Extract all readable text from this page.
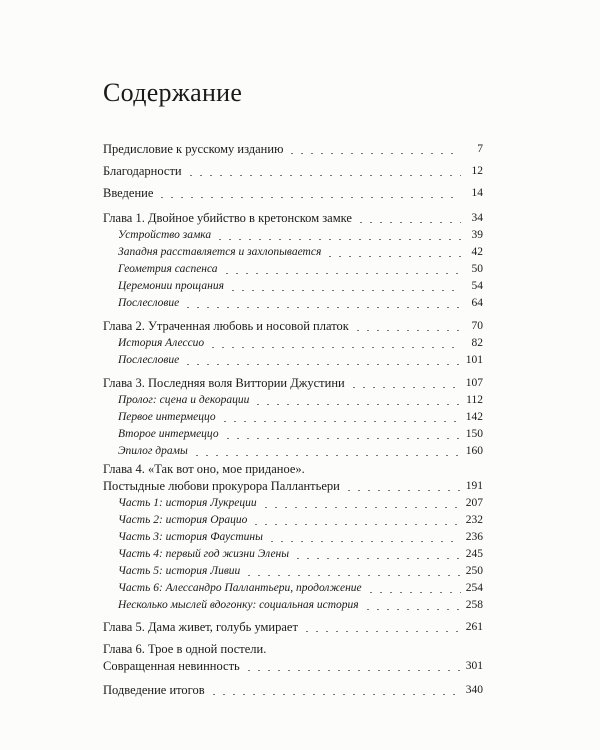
Содержание
Предисловие к русскому изданию	7
Благодарности	12
Введение	14
Глава 1. Двойное убийство в кретонском замке	34
Устройство замка	39
Западня расставляется и захлопывается	42
Геометрия саспенса	50
Церемонии прощания	54
Послесловие	64
Глава 2. Утраченная любовь и носовой платок	70
История Алессио	82
Послесловие	101
Глава 3. Последняя воля Виттории Джустини	107
Пролог: сцена и декорации	112
Первое интермеццо	142
Второе интермеццо	150
Эпилог драмы	160
Глава 4. «Так вот оно, мое приданое».
Постыдные любови прокурора Паллантьери	191
Часть 1: история Лукреции	207
Часть 2: история Орацио	232
Часть 3: история Фаустины	236
Часть 4: первый год жизни Элены	245
Часть 5: история Ливии	250
Часть 6: Алессандро Паллантьери, продолжение	254
Несколько мыслей вдогонку: социальная история	258
Глава 5. Дама живет, голубь умирает	261
Глава 6. Трое в одной постели.
Совращенная невинность	301
Подведение итогов	340
